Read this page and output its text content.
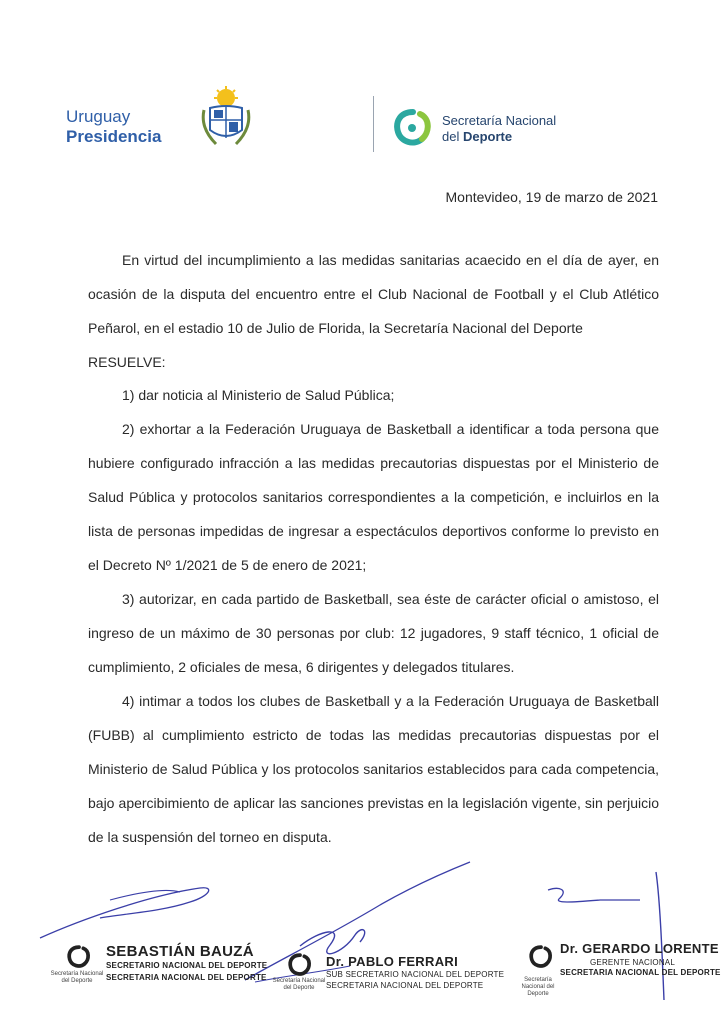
Uruguay
Presidencia
Secretaría Nacional
del Deporte
Montevideo, 19 de marzo de 2021
En virtud del incumplimiento a las medidas sanitarias acaecido en el día de ayer, en ocasión de la disputa del encuentro entre el Club Nacional de Football y el Club Atlético Peñarol, en el estadio 10 de Julio de Florida, la Secretaría Nacional del Deporte
RESUELVE:
1) dar noticia al Ministerio de Salud Pública;
2) exhortar a la Federación Uruguaya de Basketball a identificar a toda persona que hubiere configurado infracción a las medidas precautorias dispuestas por el Ministerio de Salud Pública y protocolos sanitarios correspondientes a la competición, e incluirlos en la lista de personas impedidas de ingresar a espectáculos deportivos conforme lo previsto en el Decreto Nº 1/2021 de 5 de enero de 2021;
3) autorizar, en cada partido de Basketball, sea éste de carácter oficial o amistoso, el ingreso de un máximo de 30 personas por club: 12 jugadores, 9 staff técnico, 1 oficial de cumplimiento, 2 oficiales de mesa, 6 dirigentes y delegados titulares.
4) intimar a todos los clubes de Basketball y a la Federación Uruguaya de Basketball (FUBB) al cumplimiento estricto de todas las medidas precautorias dispuestas por el Ministerio de Salud Pública y los protocolos sanitarios establecidos para cada competencia, bajo apercibimiento de aplicar las sanciones previstas en la legislación vigente, sin perjuicio de la suspensión del torneo en disputa.
SEBASTIÁN BAUZÁ
SECRETARIO NACIONAL DEL DEPORTE
SECRETARIA NACIONAL DEL DEPORTE
Secretaría Nacional del Deporte
Dr. PABLO FERRARI
SUB SECRETARIO NACIONAL DEL DEPORTE
SECRETARIA NACIONAL DEL DEPORTE
Secretaría Nacional del Deporte
Dr. GERARDO LORENTE
GERENTE NACIONAL
SECRETARIA NACIONAL DEL DEPORTE
Secretaría Nacional del Deporte
